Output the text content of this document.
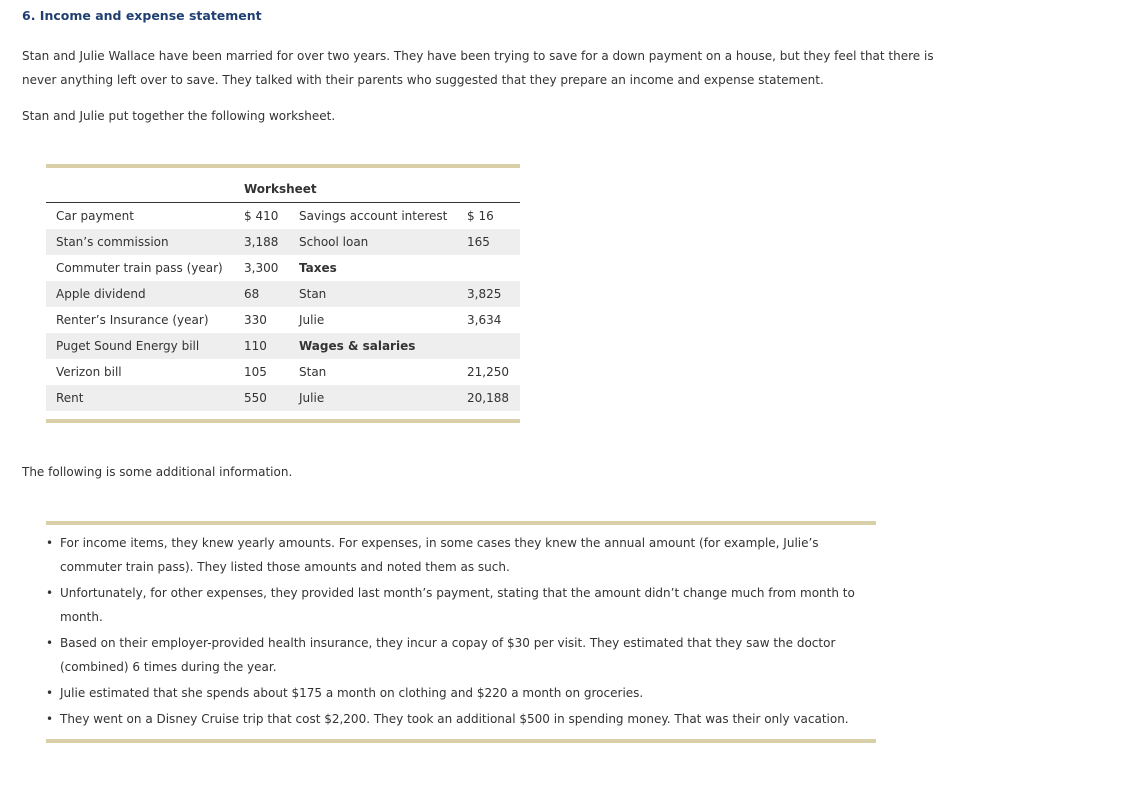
6. Income and expense statement

Stan and Julie Wallace have been married for over two years. They have been trying to save for a down payment on a house, but they feel that there is never anything left over to save. They talked with their parents who suggested that they prepare an income and expense statement.

Stan and Julie put together the following worksheet.

Worksheet
Car payment	$ 410 Savings account interest $ 16
Stan’s commission	3,188 School loan	165
Commuter train pass (year) 3,300 Taxes
Apple dividend	68	Stan	3,825
Renter’s Insurance (year)	330	Julie	3,634
Puget Sound Energy bill	110	Wages & salaries
Verizon bill	105	Stan	21,250
Rent	550	Julie	20,188

The following is some additional information.

• For income items, they knew yearly amounts. For expenses, in some cases they knew the annual amount (for example, Julie’s commuter train pass). They listed those amounts and noted them as such.
• Unfortunately, for other expenses, they provided last month’s payment, stating that the amount didn’t change much from month to month.
• Based on their employer-provided health insurance, they incur a copay of $30 per visit. They estimated that they saw the doctor (combined) 6 times during the year.
• Julie estimated that she spends about $175 a month on clothing and $220 a month on groceries.
• They went on a Disney Cruise trip that cost $2,200. They took an additional $500 in spending money. That was their only vacation.
